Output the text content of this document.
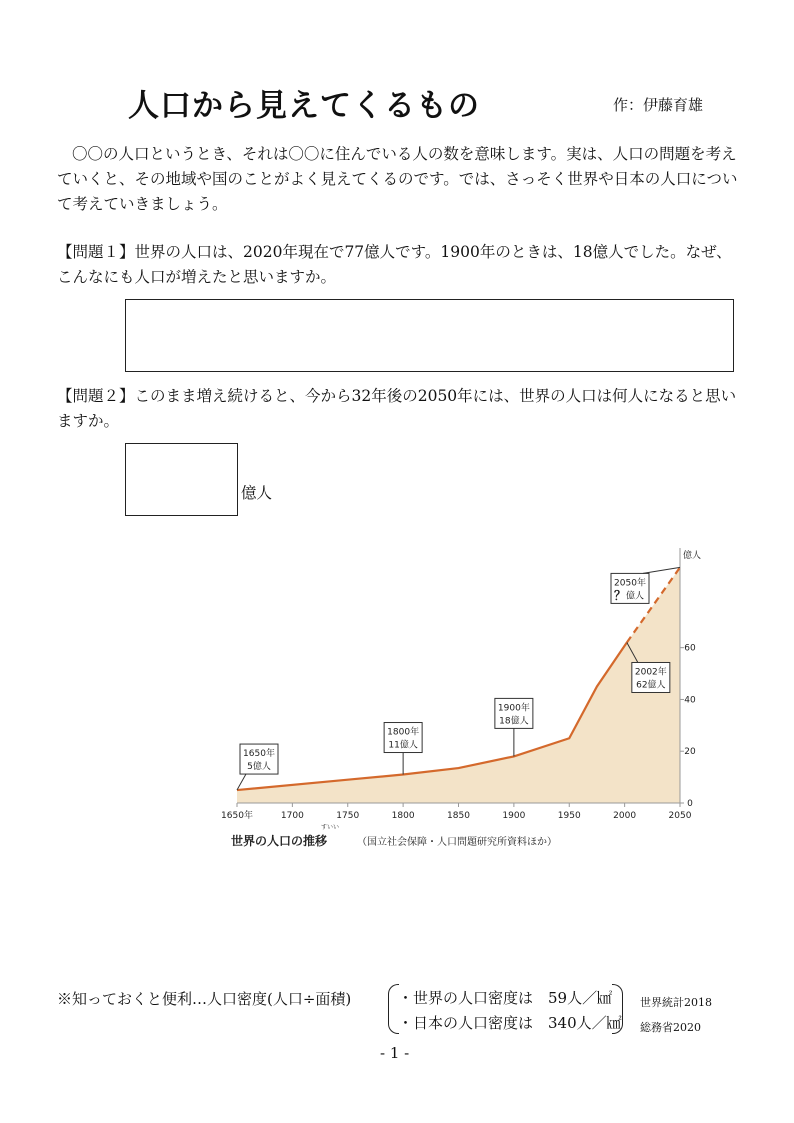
人口から見えてくるもの	作：伊藤育雄
〇〇の人口というとき、それは〇〇に住んでいる人の数を意味します。実は、人口の問題を考えていくと、その地域や国のことがよく見えてくるのです。では、さっそく世界や日本の人口について考えていきましょう。
【問題１】世界の人口は、2020年現在で77億人です。1900年のときは、18億人でした。なぜ、こんなにも人口が増えたと思いますか。
【問題２】このまま増え続けると、今から32年後の2050年には、世界の人口は何人になると思いますか。
億人
0
20
40
60
億人
1650年	1700	1750	1800	1850	1900	1950	2000	2050
1650年
5億人
1800年
11億人
1900年
18億人
2002年
62億人
2050年
？ 億人
世界の人口の推移
すいい
（国立社会保障・人口問題研究所資料ほか）
※知っておくと便利…人口密度(人口÷面積)	・世界の人口密度は　59人／㎢
・日本の人口密度は　340人／㎢
世界統計2018
総務省2020
- 1 -
